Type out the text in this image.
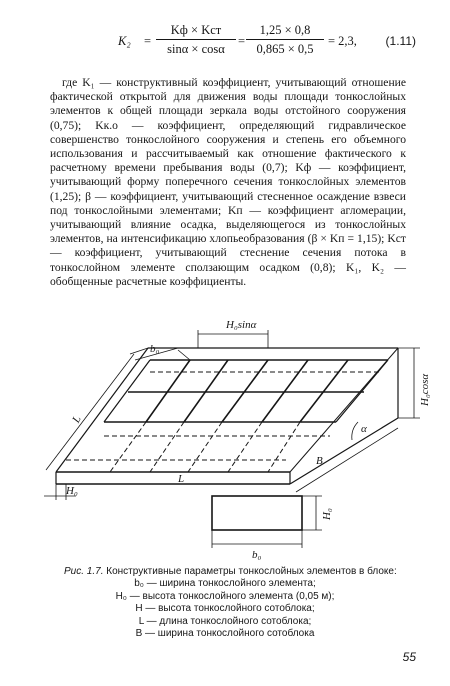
K₂ =
Kф × Kст
sinα × cosα
= $\frac{1,25 \times 0,8}{0,865 \times 0,5} = 2,3$, (1.11)

где K₁ — конструктивный коэффициент, учитывающий отношение фактической открытой для движения воды площади тонкослойных элементов к общей площади зеркала воды отстойного сооружения (0,75); Kк.о — коэффициент, определяющий гидравлическое совершенство тонкослойного сооружения и степень его объемного использования и рассчитываемый как отношение фактического к расчетному времени пребывания воды (0,7); Kф — коэффициент, учитывающий форму поперечного сечения тонкослойных элементов (1,25); β — коэффициент, учитывающий стесненное осаждение взвеси под тонкослойными элементами; Kп — коэффициент агломерации, учитывающий влияние осадка, выделяющегося из тонкослойных элементов, на интенсификацию хлопьеобразования (β × Kп = 1,15); Kст — коэффициент, учитывающий стеснение сечения потока в тонкослойном элементе сползающим осадком (0,8); K₁, K₂ — обобщенные расчетные коэффициенты.

H₀sinα
b₀
L
L
B
H₀
α
H₀cosα
H₀
b₀
Рис. 1.7. Конструктивные параметры тонкослойных элементов в блоке:
b₀ — ширина тонкослойного элемента;
H₀ — высота тонкослойного элемента (0,05 м);
H — высота тонкослойного сотоблока;
L — длина тонкослойного сотоблока;
B — ширина тонкослойного сотоблока
55
